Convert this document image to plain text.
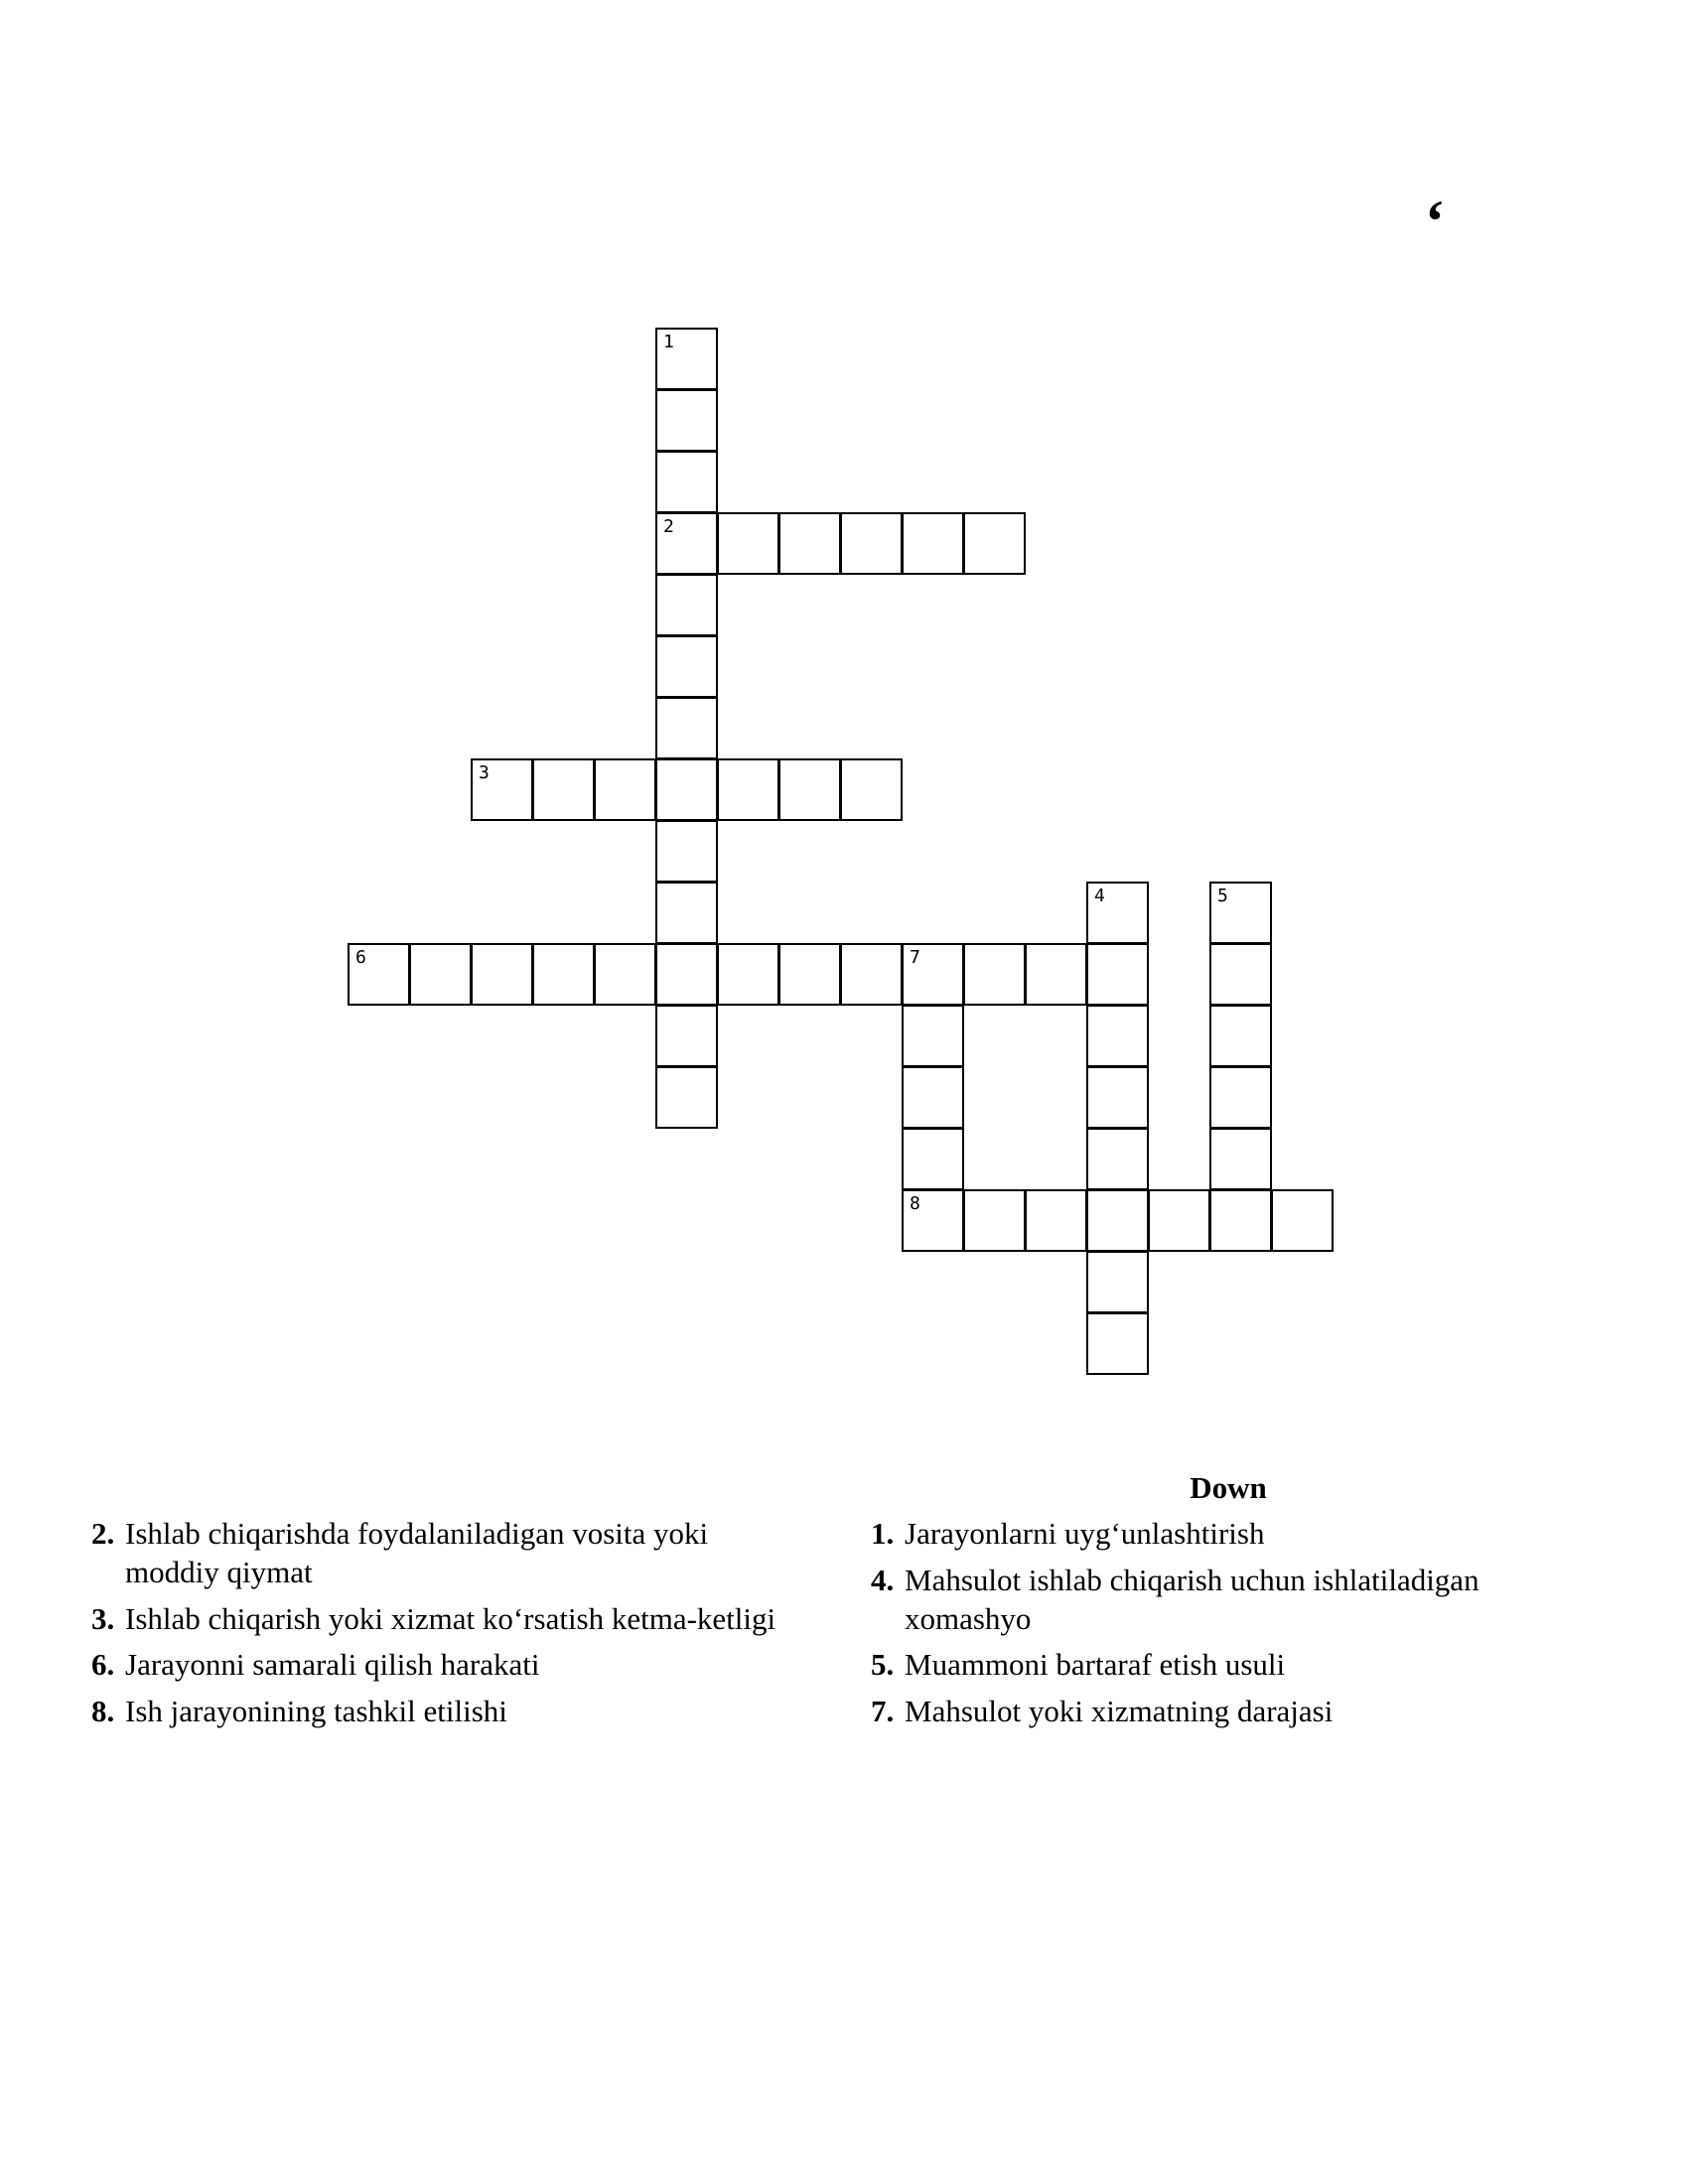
‘
1
2
3
4	5
6	7
8
2. Ishlab chiqarishda foydalaniladigan vosita yoki moddiy qiymat
3. Ishlab chiqarish yoki xizmat ko‘rsatish ketma-ketligi
6. Jarayonni samarali qilish harakati
8. Ish jarayonining tashkil etilishi
Down
1. Jarayonlarni uyg‘unlashtirish
4. Mahsulot ishlab chiqarish uchun ishlatiladigan xomashyo
5. Muammoni bartaraf etish usuli
7. Mahsulot yoki xizmatning darajasi
